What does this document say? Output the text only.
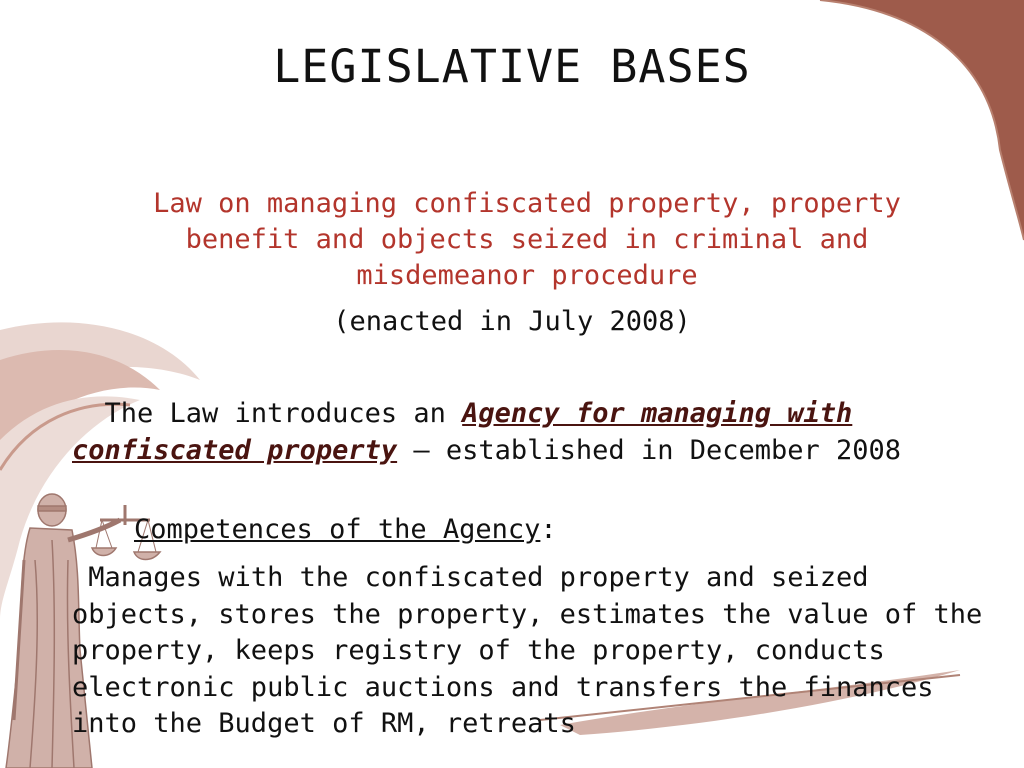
LEGISLATIVE BASES

Law on managing confiscated property, property benefit and objects seized in criminal and misdemeanor procedure

(enacted in July 2008)

  The Law introduces an Agency for managing with confiscated property – established in December 2008

Competences of the Agency:

Manages with the confiscated property and seized objects, stores the property, estimates the value of the property, keeps registry of the property, conducts electronic public auctions and transfers the finances into the Budget of RM, retreats
